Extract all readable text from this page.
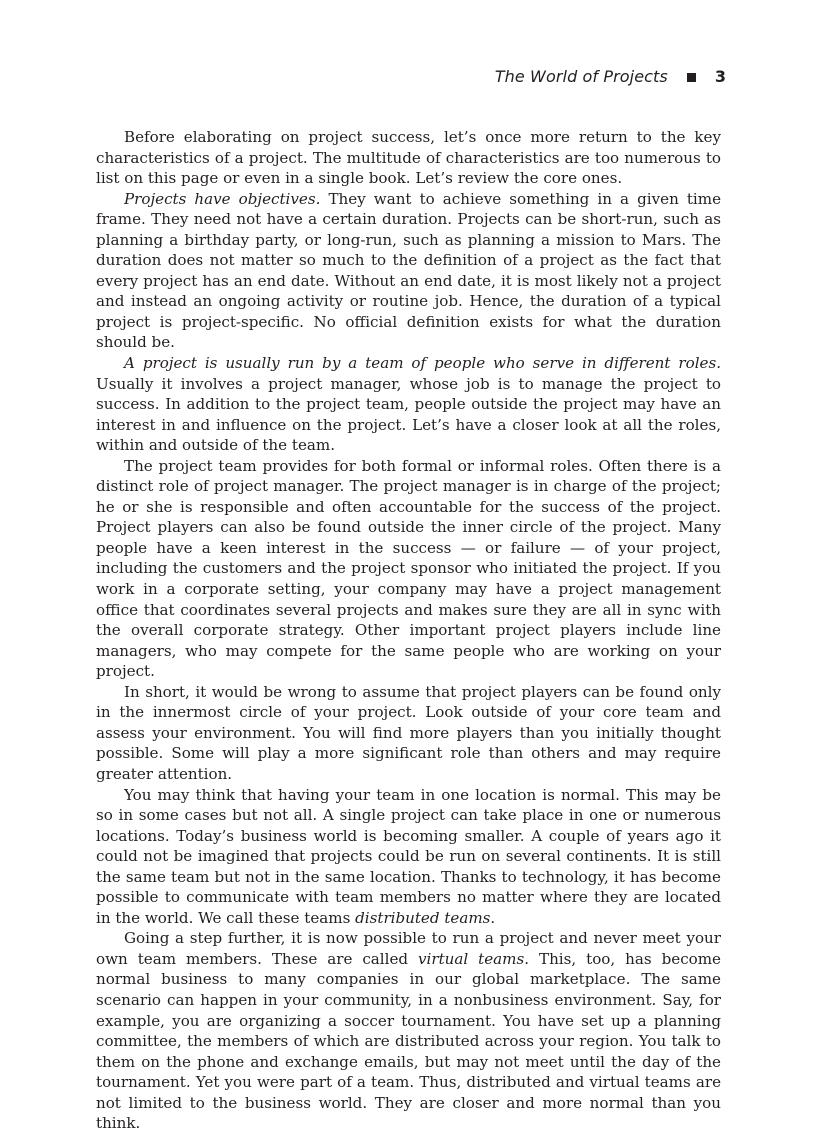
The World of Projects	3

Before elaborating on project success, let’s once more return to the key characteristics of a project. The multitude of characteristics are too numerous to list on this page or even in a single book. Let’s review the core ones.

Projects have objectives. They want to achieve something in a given time frame. They need not have a certain duration. Projects can be short-run, such as planning a birthday party, or long-run, such as planning a mission to Mars. The duration does not matter so much to the definition of a project as the fact that every project has an end date. Without an end date, it is most likely not a project and instead an ongoing activity or routine job. Hence, the duration of a typical project is project-specific. No official definition exists for what the duration should be.

A project is usually run by a team of people who serve in different roles. Usually it involves a project manager, whose job is to manage the project to success. In addition to the project team, people outside the project may have an interest in and influence on the project. Let’s have a closer look at all the roles, within and outside of the team.

The project team provides for both formal or informal roles. Often there is a distinct role of project manager. The project manager is in charge of the project; he or she is responsible and often accountable for the success of the project. Project players can also be found outside the inner circle of the project. Many people have a keen interest in the success — or failure — of your project, including the customers and the project sponsor who initiated the project. If you work in a corporate setting, your company may have a project management office that coordinates several projects and makes sure they are all in sync with the overall corporate strategy. Other important project players include line managers, who may compete for the same people who are working on your project.

In short, it would be wrong to assume that project players can be found only in the innermost circle of your project. Look outside of your core team and assess your environment. You will find more players than you initially thought possible. Some will play a more significant role than others and may require greater attention.

You may think that having your team in one location is normal. This may be so in some cases but not all. A single project can take place in one or numerous locations. Today’s business world is becoming smaller. A couple of years ago it could not be imagined that projects could be run on several continents. It is still the same team but not in the same location. Thanks to technology, it has become possible to communicate with team members no matter where they are located in the world. We call these teams distributed teams.

Going a step further, it is now possible to run a project and never meet your own team members. These are called virtual teams. This, too, has become normal business to many companies in our global marketplace. The same scenario can happen in your community, in a nonbusiness environment. Say, for example, you are organizing a soccer tournament. You have set up a planning committee, the members of which are distributed across your region. You talk to them on the phone and exchange emails, but may not meet until the day of the tournament. Yet you were part of a team. Thus, distributed and virtual teams are not limited to the business world. They are closer and more normal than you think.
